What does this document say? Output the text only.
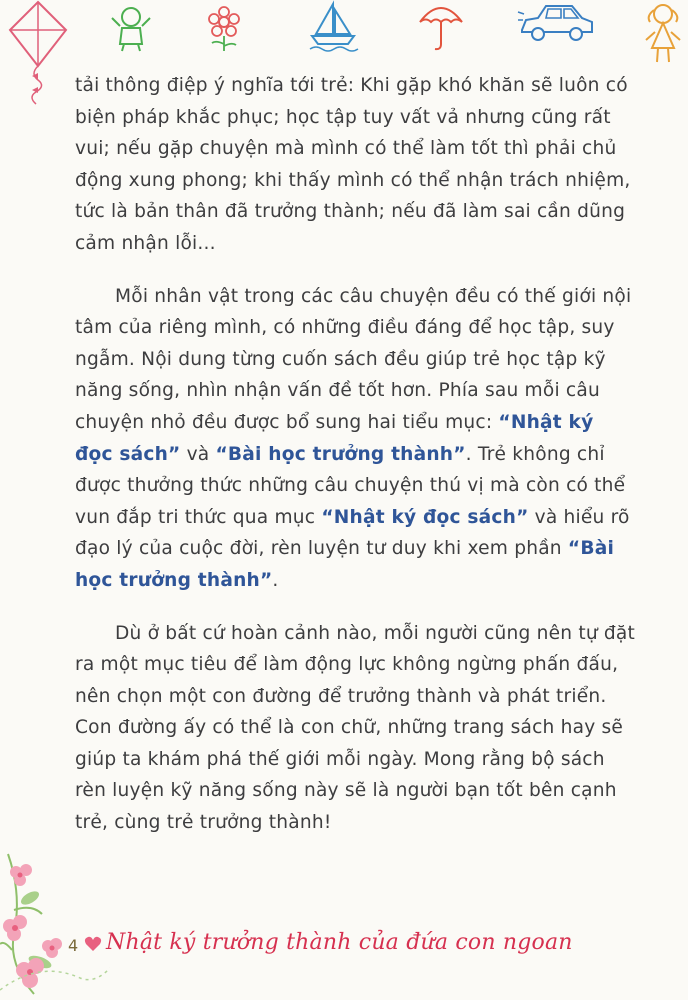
tải thông điệp ý nghĩa tới trẻ: Khi gặp khó khăn sẽ luôn có biện pháp khắc phục; học tập tuy vất vả nhưng cũng rất vui; nếu gặp chuyện mà mình có thể làm tốt thì phải chủ động xung phong; khi thấy mình có thể nhận trách nhiệm, tức là bản thân đã trưởng thành; nếu đã làm sai cần dũng cảm nhận lỗi...

Mỗi nhân vật trong các câu chuyện đều có thế giới nội tâm của riêng mình, có những điều đáng để học tập, suy ngẫm. Nội dung từng cuốn sách đều giúp trẻ học tập kỹ năng sống, nhìn nhận vấn đề tốt hơn. Phía sau mỗi câu chuyện nhỏ đều được bổ sung hai tiểu mục: “Nhật ký đọc sách” và “Bài học trưởng thành”. Trẻ không chỉ được thưởng thức những câu chuyện thú vị mà còn có thể vun đắp tri thức qua mục “Nhật ký đọc sách” và hiểu rõ đạo lý của cuộc đời, rèn luyện tư duy khi xem phần “Bài học trưởng thành”.

Dù ở bất cứ hoàn cảnh nào, mỗi người cũng nên tự đặt ra một mục tiêu để làm động lực không ngừng phấn đấu, nên chọn một con đường để trưởng thành và phát triển. Con đường ấy có thể là con chữ, những trang sách hay sẽ giúp ta khám phá thế giới mỗi ngày. Mong rằng bộ sách rèn luyện kỹ năng sống này sẽ là người bạn tốt bên cạnh trẻ, cùng trẻ trưởng thành!

4 Nhật ký trưởng thành của đứa con ngoan
